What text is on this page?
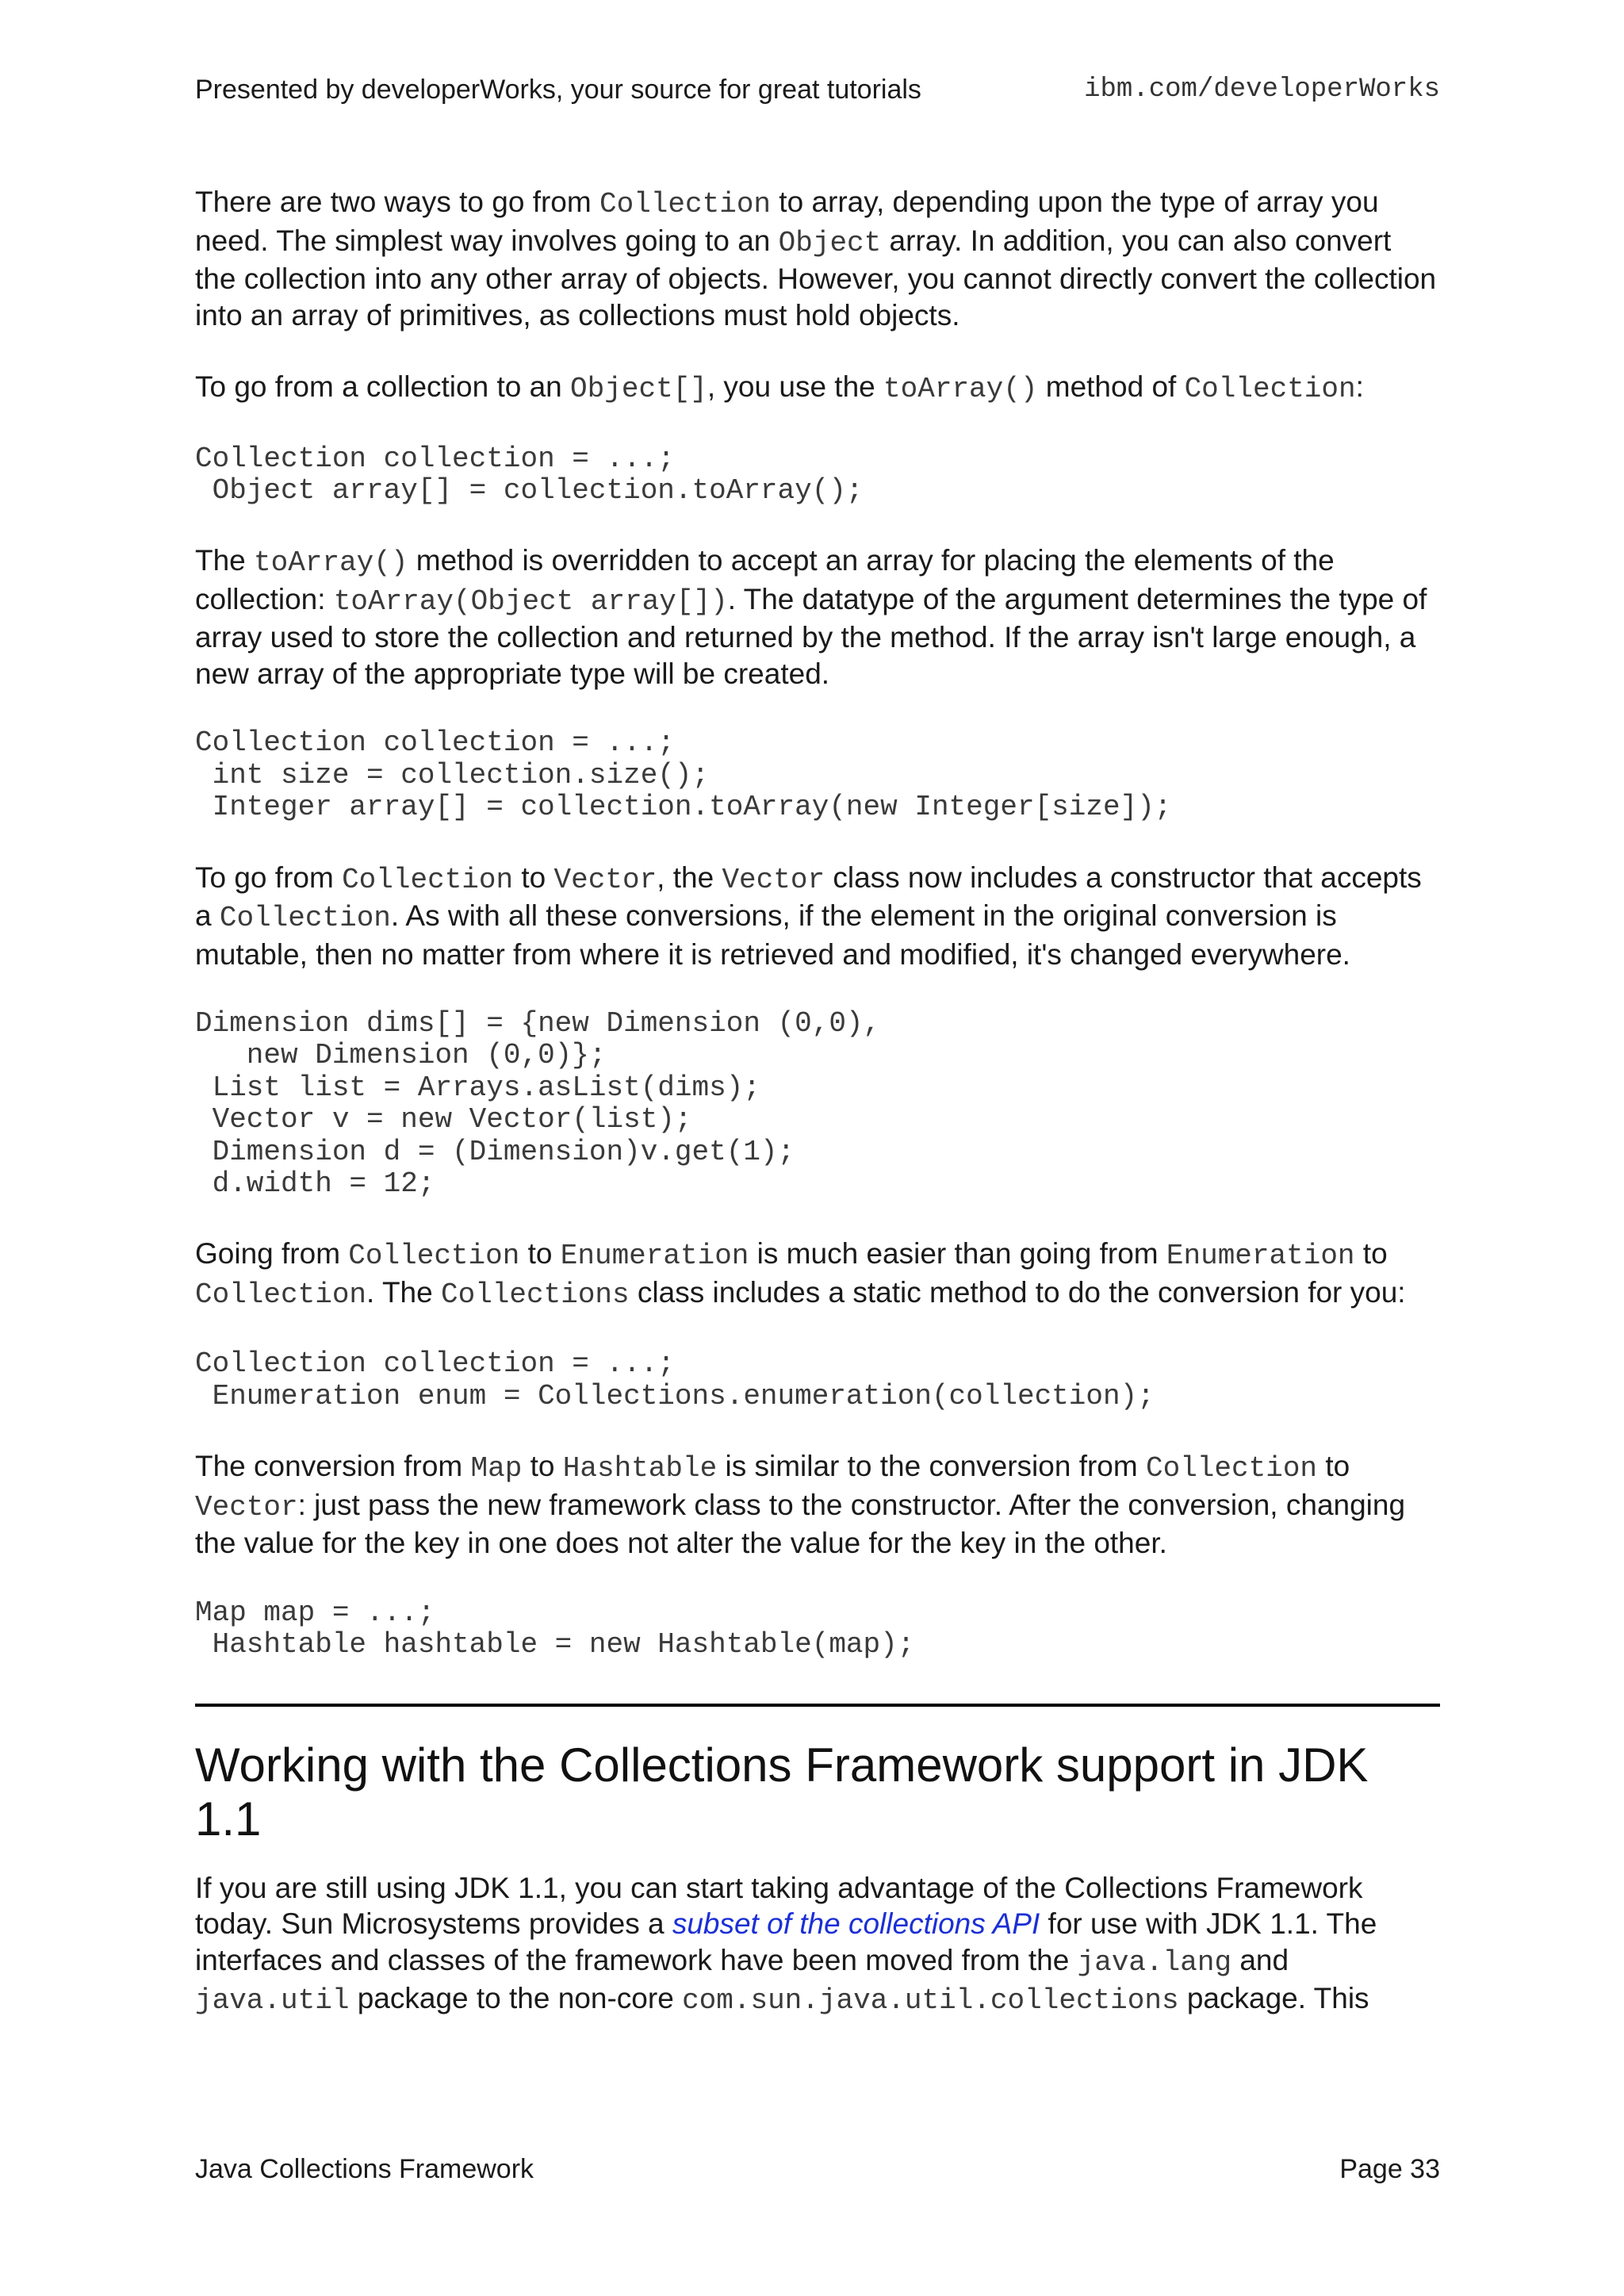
Presented by developerWorks, your source for great tutorials	ibm.com/developerWorks

There are two ways to go from Collection to array, depending upon the type of array you need. The simplest way involves going to an Object array. In addition, you can also convert the collection into any other array of objects. However, you cannot directly convert the collection into an array of primitives, as collections must hold objects.

To go from a collection to an Object[], you use the toArray() method of Collection:

Collection collection = ...;
Object array[] = collection.toArray();

The toArray() method is overridden to accept an array for placing the elements of the collection: toArray(Object array[]). The datatype of the argument determines the type of array used to store the collection and returned by the method. If the array isn't large enough, a new array of the appropriate type will be created.

Collection collection = ...;
int size = collection.size();
Integer array[] = collection.toArray(new Integer[size]);

To go from Collection to Vector, the Vector class now includes a constructor that accepts a Collection. As with all these conversions, if the element in the original conversion is mutable, then no matter from where it is retrieved and modified, it's changed everywhere.

Dimension dims[] = {new Dimension (0,0),
new Dimension (0,0)};
List list = Arrays.asList(dims);
Vector v = new Vector(list);
Dimension d = (Dimension)v.get(1);
d.width = 12;

Going from Collection to Enumeration is much easier than going from Enumeration to Collection. The Collections class includes a static method to do the conversion for you:

Collection collection = ...;
Enumeration enum = Collections.enumeration(collection);

The conversion from Map to Hashtable is similar to the conversion from Collection to Vector: just pass the new framework class to the constructor. After the conversion, changing the value for the key in one does not alter the value for the key in the other.

Map map = ...;
Hashtable hashtable = new Hashtable(map);
Working with the Collections Framework support in JDK 1.1

If you are still using JDK 1.1, you can start taking advantage of the Collections Framework today. Sun Microsystems provides a subset of the collections API for use with JDK 1.1. The interfaces and classes of the framework have been moved from the java.lang and java.util package to the non-core com.sun.java.util.collections package. This

Java Collections Framework	Page 33
